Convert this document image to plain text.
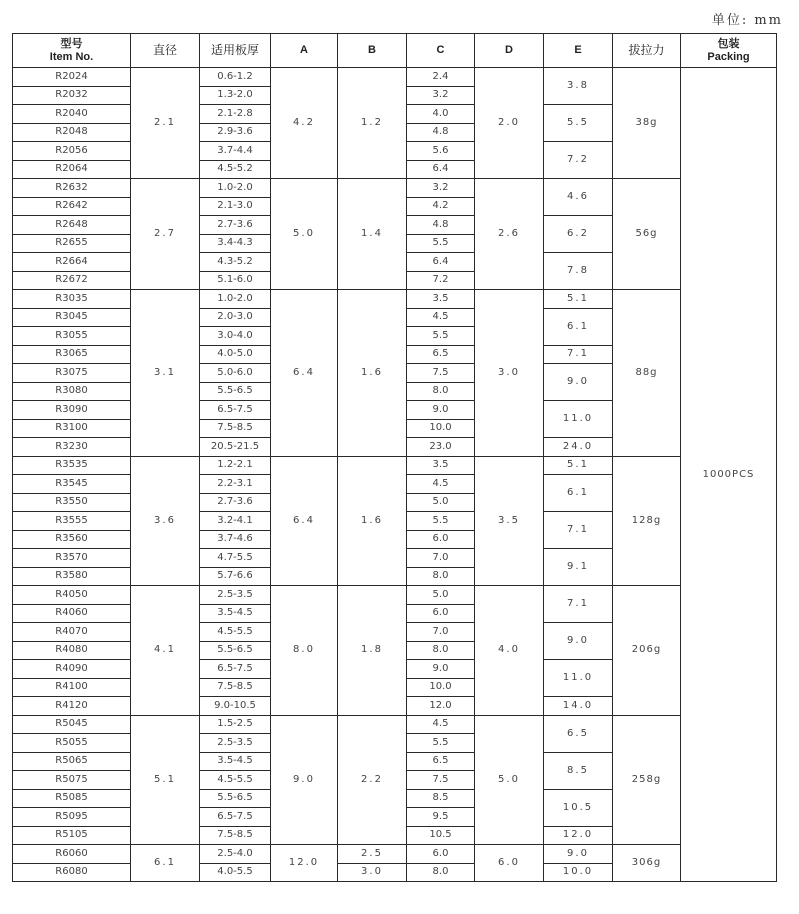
单位: mm
型号
Item No.	直径	适用板厚	A	B	C	D	E	拔拉力	包装
Packing

R2024	2.1	0.6-1.2	4.2	1.2	2.4	2.0	3.8	38g	1000PCS
R2032		1.3-2.0			3.2				
R2040		2.1-2.8			4.0		5.5		
R2048		2.9-3.6			4.8				
R2056		3.7-4.4			5.6		7.2		
R2064		4.5-5.2			6.4				
R2632	2.7	1.0-2.0	5.0	1.4	3.2	2.6	4.6	56g	
R2642		2.1-3.0			4.2				
R2648		2.7-3.6			4.8		6.2		
R2655		3.4-4.3			5.5				
R2664		4.3-5.2			6.4		7.8		
R2672		5.1-6.0			7.2				
R3035	3.1	1.0-2.0	6.4	1.6	3.5	3.0	5.1	88g	
R3045		2.0-3.0			4.5		6.1		
R3055		3.0-4.0			5.5				
R3065		4.0-5.0			6.5		7.1		
R3075		5.0-6.0			7.5		9.0		
R3080		5.5-6.5			8.0				
R3090		6.5-7.5			9.0		11.0		
R3100		7.5-8.5			10.0				
R3230		20.5-21.5			23.0		24.0		
R3535	3.6	1.2-2.1	6.4	1.6	3.5	3.5	5.1	128g	
R3545		2.2-3.1			4.5		6.1		
R3550		2.7-3.6			5.0				
R3555		3.2-4.1			5.5		7.1		
R3560		3.7-4.6			6.0				
R3570		4.7-5.5			7.0		9.1		
R3580		5.7-6.6			8.0				
R4050	4.1	2.5-3.5	8.0	1.8	5.0	4.0	7.1	206g	
R4060		3.5-4.5			6.0				
R4070		4.5-5.5			7.0		9.0		
R4080		5.5-6.5			8.0				
R4090		6.5-7.5			9.0		11.0		
R4100		7.5-8.5			10.0				
R4120		9.0-10.5			12.0		14.0		
R5045	5.1	1.5-2.5	9.0	2.2	4.5	5.0	6.5	258g	
R5055		2.5-3.5			5.5				
R5065		3.5-4.5			6.5		8.5		
R5075		4.5-5.5			7.5				
R5085		5.5-6.5			8.5		10.5		
R5095		6.5-7.5			9.5				
R5105		7.5-8.5			10.5		12.0		
R6060	6.1	2.5-4.0	12.0	2.5	6.0	6.0	9.0	306g	
R6080		4.0-5.5		3.0	8.0		10.0		
